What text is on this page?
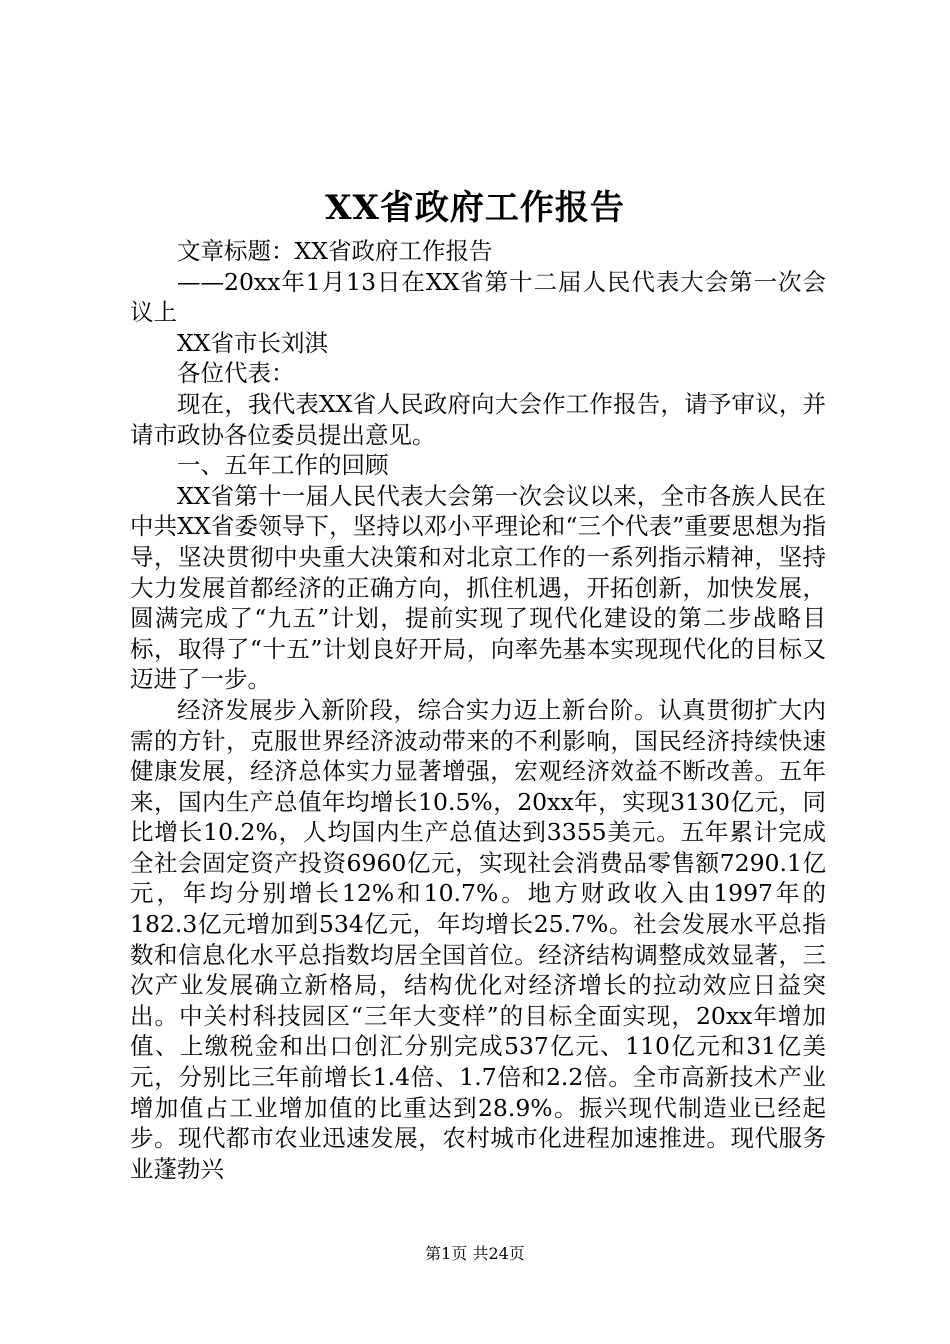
XX省政府工作报告

文章标题：XX省政府工作报告

——20xx年1月13日在XX省第十二届人民代表大会第一次会议上

XX省市长刘淇

各位代表：

现在，我代表XX省人民政府向大会作工作报告，请予审议，并请市政协各位委员提出意见。

一、五年工作的回顾

XX省第十一届人民代表大会第一次会议以来，全市各族人民在中共XX省委领导下，坚持以邓小平理论和“三个代表”重要思想为指导，坚决贯彻中央重大决策和对北京工作的一系列指示精神，坚持大力发展首都经济的正确方向，抓住机遇，开拓创新，加快发展，圆满完成了“九五”计划，提前实现了现代化建设的第二步战略目标，取得了“十五”计划良好开局，向率先基本实现现代化的目标又迈进了一步。

经济发展步入新阶段，综合实力迈上新台阶。认真贯彻扩大内需的方针，克服世界经济波动带来的不利影响，国民经济持续快速健康发展，经济总体实力显著增强，宏观经济效益不断改善。五年来，国内生产总值年均增长10.5%，20xx年，实现3130亿元，同比增长10.2%，人均国内生产总值达到3355美元。五年累计完成全社会固定资产投资6960亿元，实现社会消费品零售额7290.1亿元，年均分别增长12%和10.7%。地方财政收入由1997年的182.3亿元增加到534亿元，年均增长25.7%。社会发展水平总指数和信息化水平总指数均居全国首位。经济结构调整成效显著，三次产业发展确立新格局，结构优化对经济增长的拉动效应日益突出。中关村科技园区“三年大变样”的目标全面实现，20xx年增加值、上缴税金和出口创汇分别完成537亿元、110亿元和31亿美元，分别比三年前增长1.4倍、1.7倍和2.2倍。全市高新技术产业增加值占工业增加值的比重达到28.9%。振兴现代制造业已经起步。现代都市农业迅速发展，农村城市化进程加速推进。现代服务业蓬勃兴

第1页 共24页
